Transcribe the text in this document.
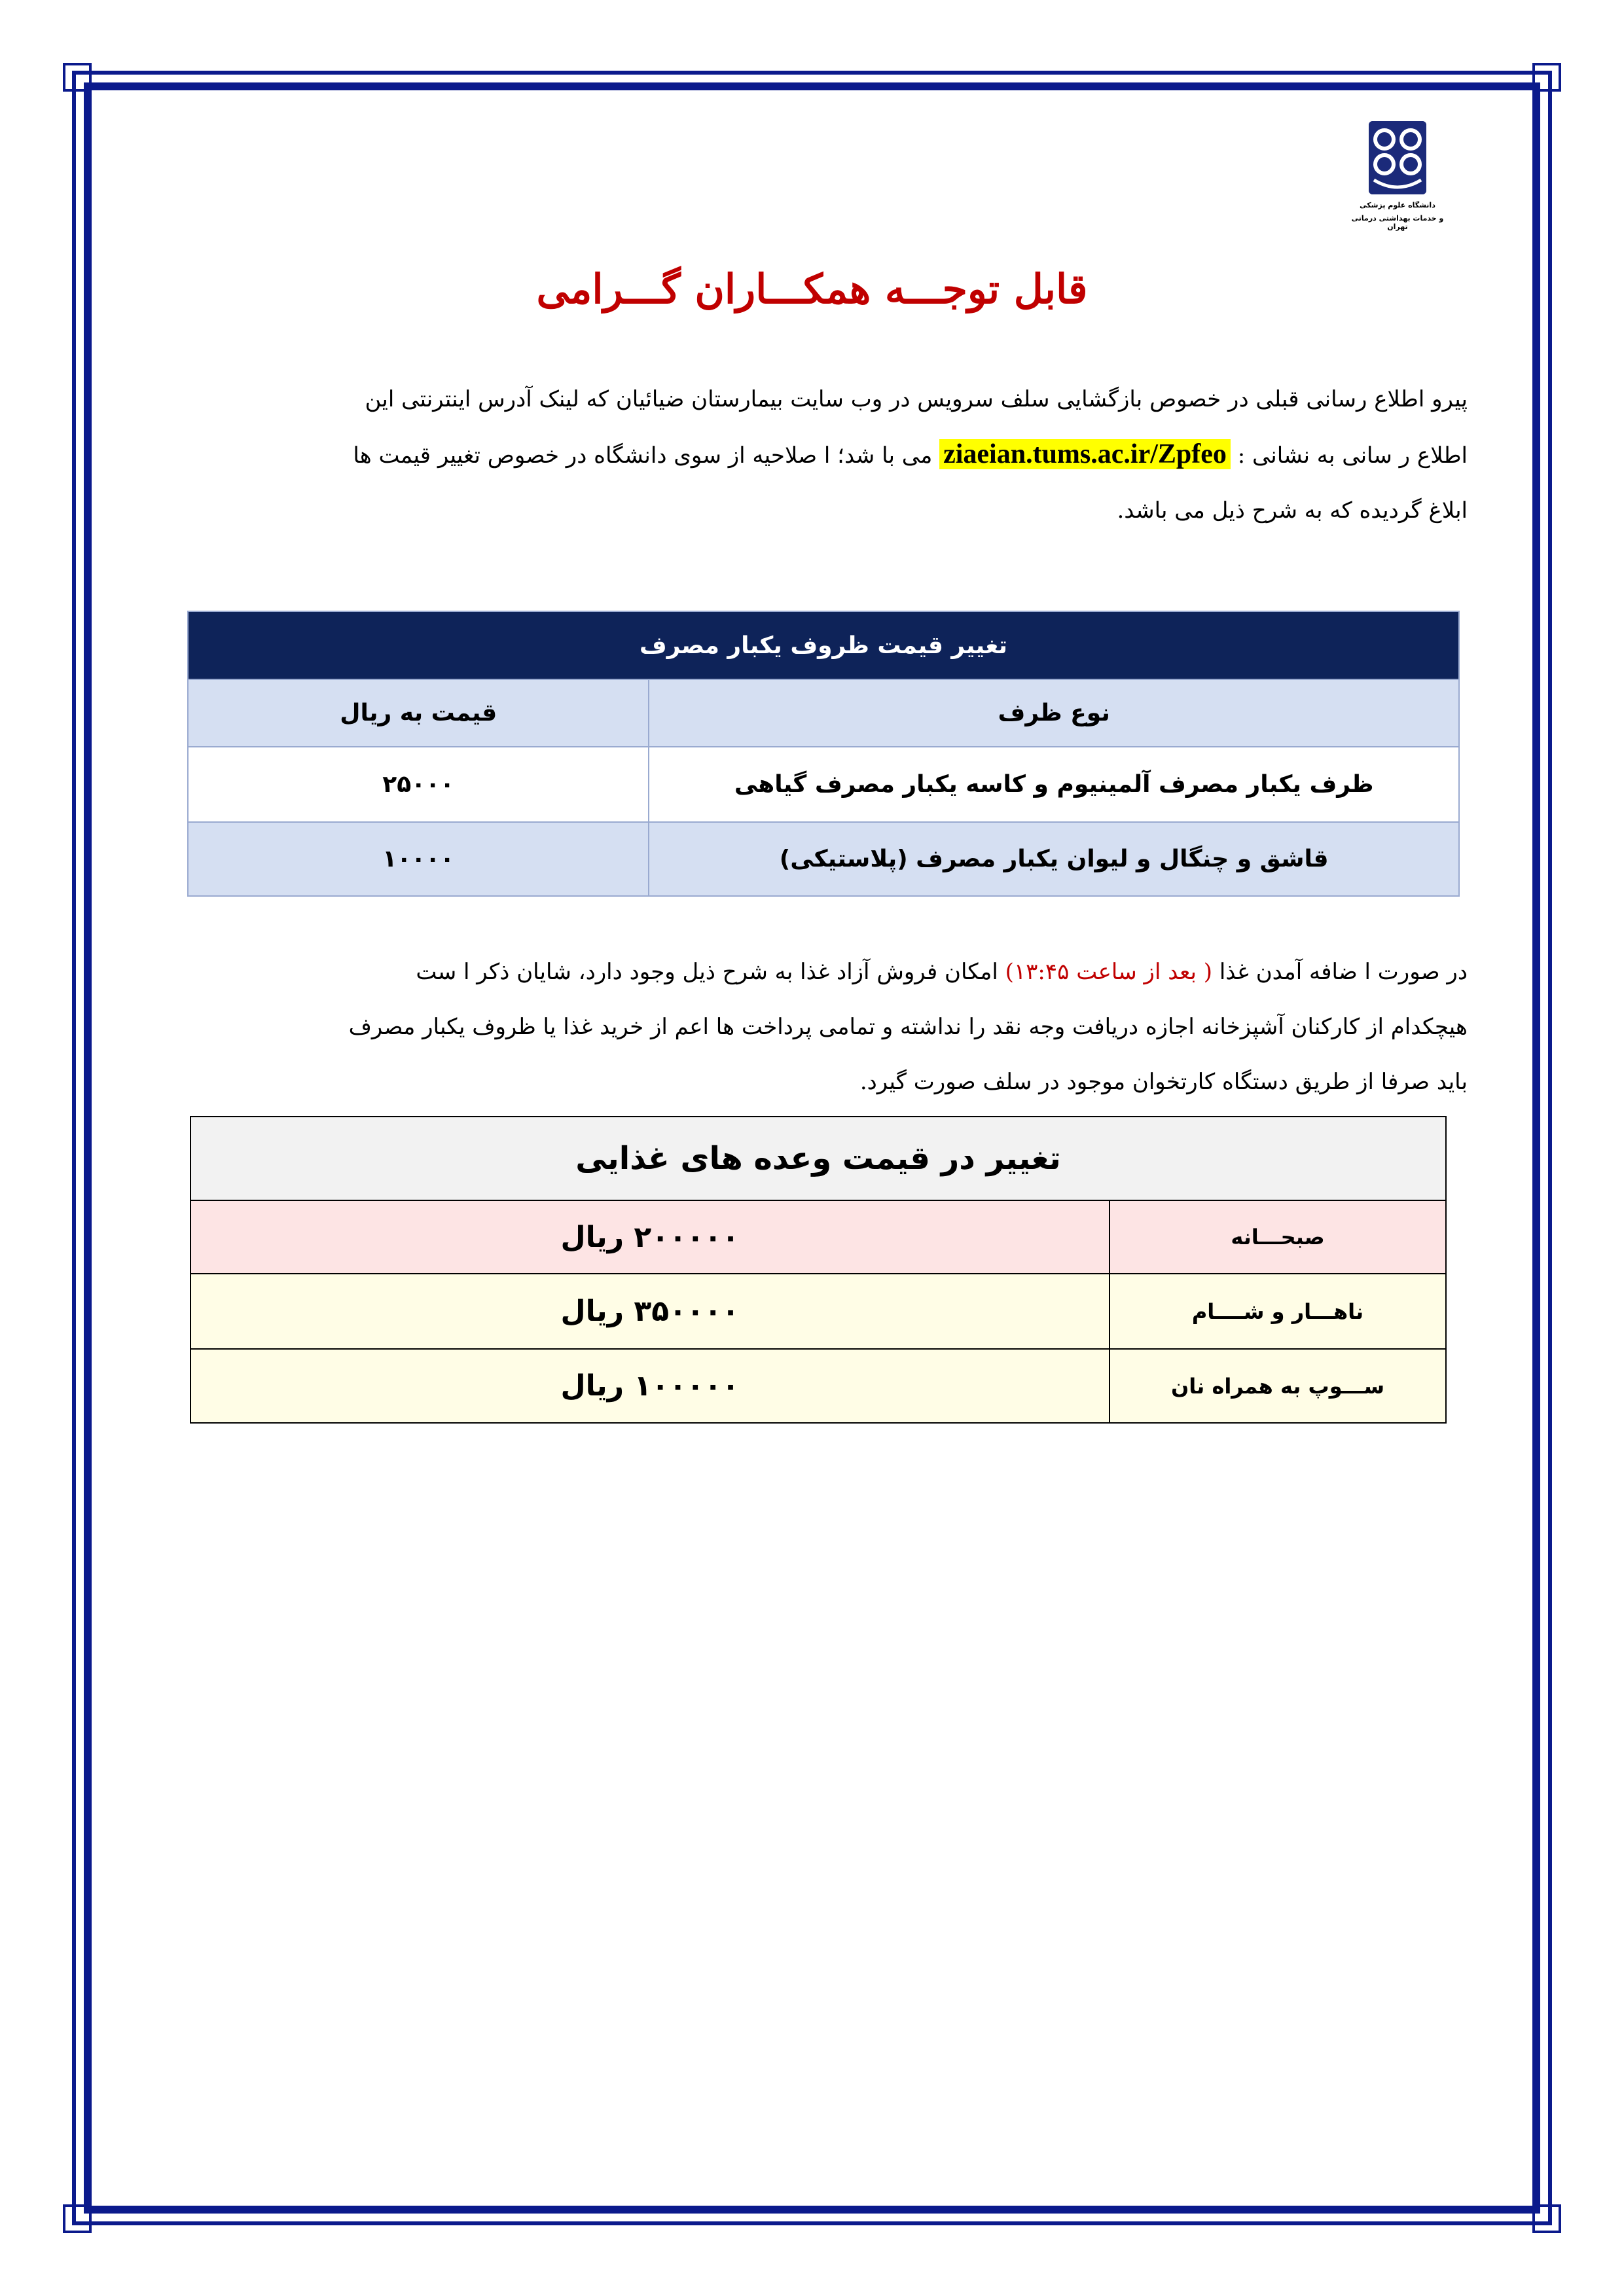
دانشگاه علوم پزشکی
و خدمات بهداشتی درمانی تهران
قابل توجـــه همکـــاران گـــرامی
پیرو اطلاع رسانی قبلی در خصوص بازگشایی سلف سرویس در وب سایت بیمارستان ضیائیان که لینک آدرس اینترنتی این
اطلاع ر سانی به نشانی : ziaeian.tums.ac.ir/Zpfeo می با شد؛ ا صلاحیه از سوی دانشگاه در خصوص تغییر قیمت ها
ابلاغ گردیده که به شرح ذیل می باشد.
تغییر قیمت ظروف یکبار مصرف	
نوع ظرف	قیمت به ریال
ظرف یکبار مصرف آلمینیوم و کاسه یکبار مصرف گیاهی	۲۵۰۰۰
قاشق و چنگال و لیوان یکبار مصرف (پلاستیکی)	۱۰۰۰۰
در صورت ا ضافه آمدن غذا ( بعد از ساعت ۱۳:۴۵) امکان فروش آزاد غذا به شرح ذیل وجود دارد، شایان ذکر ا ست
هیچکدام از کارکنان آشپزخانه اجازه دریافت وجه نقد را نداشته و تمامی پرداخت ها اعم از خرید غذا یا ظروف یکبار مصرف
باید صرفا از طریق دستگاه کارتخوان موجود در سلف صورت گیرد.
تغییر در قیمت وعده های غذایی	
صبحـــانه	۲۰۰۰۰۰ ریال
ناهـــار و شــــام	۳۵۰۰۰۰ ریال
ســـوپ به همراه نان	۱۰۰۰۰۰ ریال
